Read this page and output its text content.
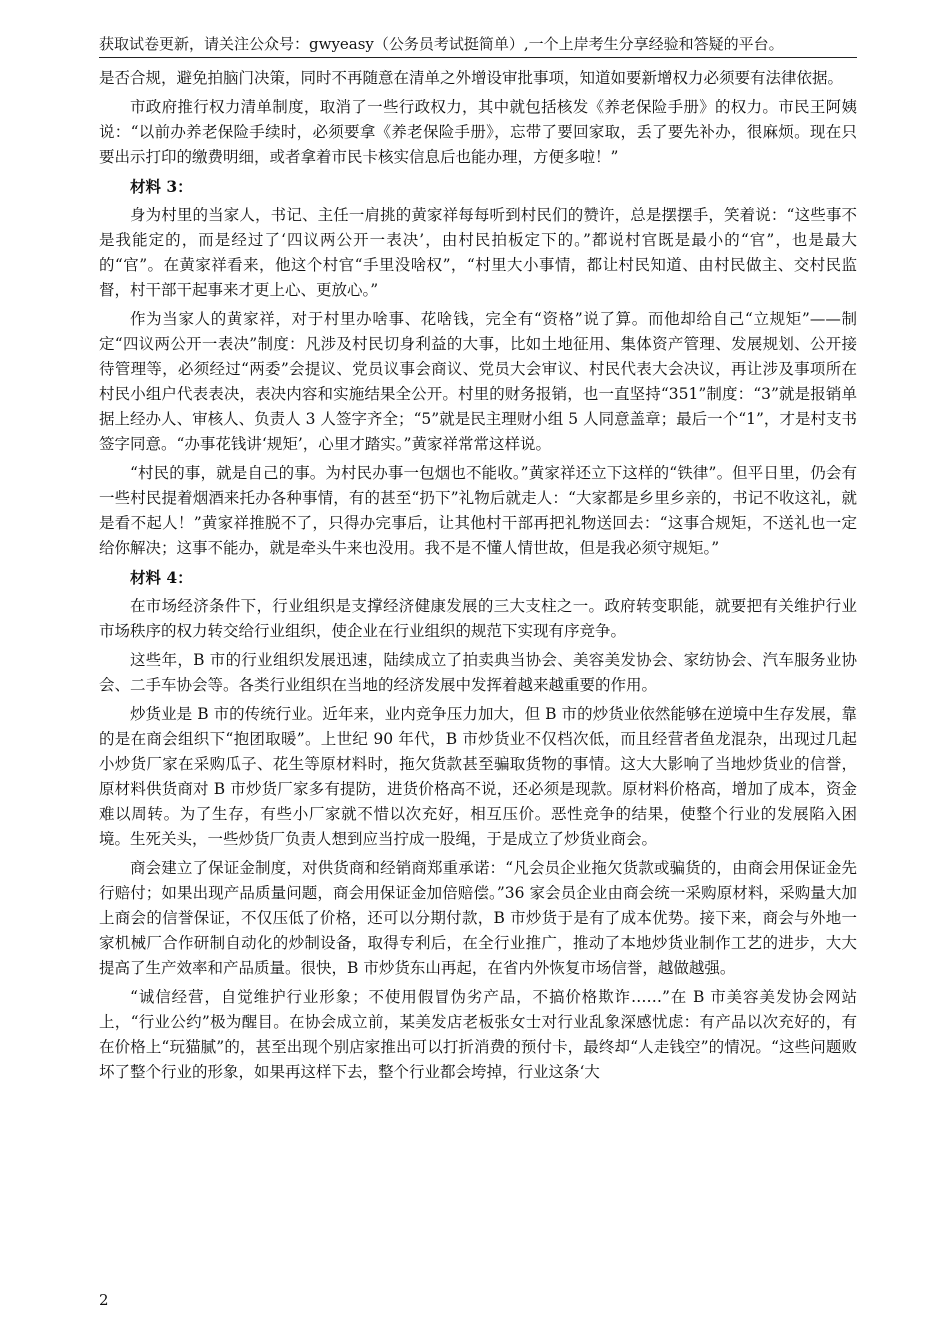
获取试卷更新，请关注公众号：gwyeasy（公务员考试挺简单）,一个上岸考生分享经验和答疑的平台。

是否合规，避免拍脑门决策，同时不再随意在清单之外增设审批事项，知道如要新增权力必须要有法律依据。

市政府推行权力清单制度，取消了一些行政权力，其中就包括核发《养老保险手册》的权力。市民王阿姨说：“以前办养老保险手续时，必须要拿《养老保险手册》，忘带了要回家取，丢了要先补办，很麻烦。现在只要出示打印的缴费明细，或者拿着市民卡核实信息后也能办理，方便多啦！”

材料 3：

身为村里的当家人，书记、主任一肩挑的黄家祥每每听到村民们的赞许，总是摆摆手，笑着说：“这些事不是我能定的，而是经过了‘四议两公开一表决’，由村民拍板定下的。”都说村官既是最小的“官”，也是最大的“官”。在黄家祥看来，他这个村官“手里没啥权”，“村里大小事情，都让村民知道、由村民做主、交村民监督，村干部干起事来才更上心、更放心。”

作为当家人的黄家祥，对于村里办啥事、花啥钱，完全有“资格”说了算。而他却给自己“立规矩”——制定“四议两公开一表决”制度：凡涉及村民切身利益的大事，比如土地征用、集体资产管理、发展规划、公开接待管理等，必须经过“两委”会提议、党员议事会商议、党员大会审议、村民代表大会决议，再让涉及事项所在村民小组户代表表决，表决内容和实施结果全公开。村里的财务报销，也一直坚持“351”制度：“3”就是报销单据上经办人、审核人、负责人 3 人签字齐全；“5”就是民主理财小组 5 人同意盖章；最后一个“1”，才是村支书签字同意。“办事花钱讲‘规矩’，心里才踏实。”黄家祥常常这样说。

“村民的事，就是自己的事。为村民办事一包烟也不能收。”黄家祥还立下这样的“铁律”。但平日里，仍会有一些村民提着烟酒来托办各种事情，有的甚至“扔下”礼物后就走人：“大家都是乡里乡亲的，书记不收这礼，就是看不起人！”黄家祥推脱不了，只得办完事后，让其他村干部再把礼物送回去：“这事合规矩，不送礼也一定给你解决；这事不能办，就是牵头牛来也没用。我不是不懂人情世故，但是我必须守规矩。”

材料 4：

在市场经济条件下，行业组织是支撑经济健康发展的三大支柱之一。政府转变职能，就要把有关维护行业市场秩序的权力转交给行业组织，使企业在行业组织的规范下实现有序竞争。

这些年，B 市的行业组织发展迅速，陆续成立了拍卖典当协会、美容美发协会、家纺协会、汽车服务业协会、二手车协会等。各类行业组织在当地的经济发展中发挥着越来越重要的作用。

炒货业是 B 市的传统行业。近年来，业内竞争压力加大，但 B 市的炒货业依然能够在逆境中生存发展，靠的是在商会组织下“抱团取暖”。上世纪 90 年代，B 市炒货业不仅档次低，而且经营者鱼龙混杂，出现过几起小炒货厂家在采购瓜子、花生等原材料时，拖欠货款甚至骗取货物的事情。这大大影响了当地炒货业的信誉，原材料供货商对 B 市炒货厂家多有提防，进货价格高不说，还必须是现款。原材料价格高，增加了成本，资金难以周转。为了生存，有些小厂家就不惜以次充好，相互压价。恶性竞争的结果，使整个行业的发展陷入困境。生死关头，一些炒货厂负责人想到应当拧成一股绳，于是成立了炒货业商会。

商会建立了保证金制度，对供货商和经销商郑重承诺：“凡会员企业拖欠货款或骗货的，由商会用保证金先行赔付；如果出现产品质量问题，商会用保证金加倍赔偿。”36 家会员企业由商会统一采购原材料，采购量大加上商会的信誉保证，不仅压低了价格，还可以分期付款，B 市炒货于是有了成本优势。接下来，商会与外地一家机械厂合作研制自动化的炒制设备，取得专利后，在全行业推广，推动了本地炒货业制作工艺的进步，大大提高了生产效率和产品质量。很快，B 市炒货东山再起，在省内外恢复市场信誉，越做越强。

“诚信经营，自觉维护行业形象；不使用假冒伪劣产品，不搞价格欺诈……”在 B 市美容美发协会网站上，“行业公约”极为醒目。在协会成立前，某美发店老板张女士对行业乱象深感忧虑：有产品以次充好的，有在价格上“玩猫腻”的，甚至出现个别店家推出可以打折消费的预付卡，最终却“人走钱空”的情况。“这些问题败坏了整个行业的形象，如果再这样下去，整个行业都会垮掉，行业这条‘大

2
